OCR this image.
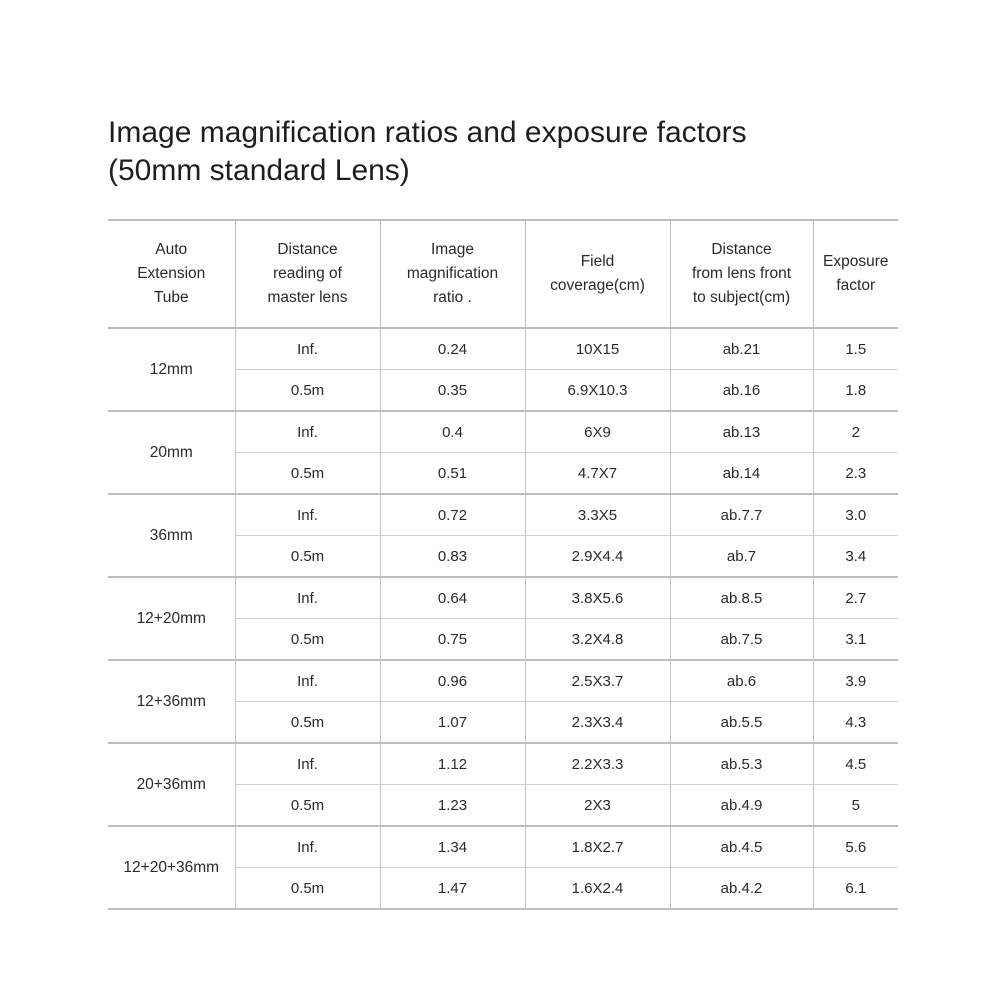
Image magnification ratios and exposure factors
(50mm standard Lens)
Auto
Extension
Tube	Distance
reading of
master lens	Image
magnification
ratio .	Field
coverage(cm)	Distance
from lens front
to subject(cm)	Exposure
factor

12mm	Inf.	0.24	10X15	ab.21	1.5
	0.5m	0.35	6.9X10.3	ab.16	1.8
20mm	Inf.	0.4	6X9	ab.13	2
	0.5m	0.51	4.7X7	ab.14	2.3
36mm	Inf.	0.72	3.3X5	ab.7.7	3.0
	0.5m	0.83	2.9X4.4	ab.7	3.4
12+20mm	Inf.	0.64	3.8X5.6	ab.8.5	2.7
	0.5m	0.75	3.2X4.8	ab.7.5	3.1
12+36mm	Inf.	0.96	2.5X3.7	ab.6	3.9
	0.5m	1.07	2.3X3.4	ab.5.5	4.3
20+36mm	Inf.	1.12	2.2X3.3	ab.5.3	4.5
	0.5m	1.23	2X3	ab.4.9	5
12+20+36mm	Inf.	1.34	1.8X2.7	ab.4.5	5.6
	0.5m	1.47	1.6X2.4	ab.4.2	6.1
